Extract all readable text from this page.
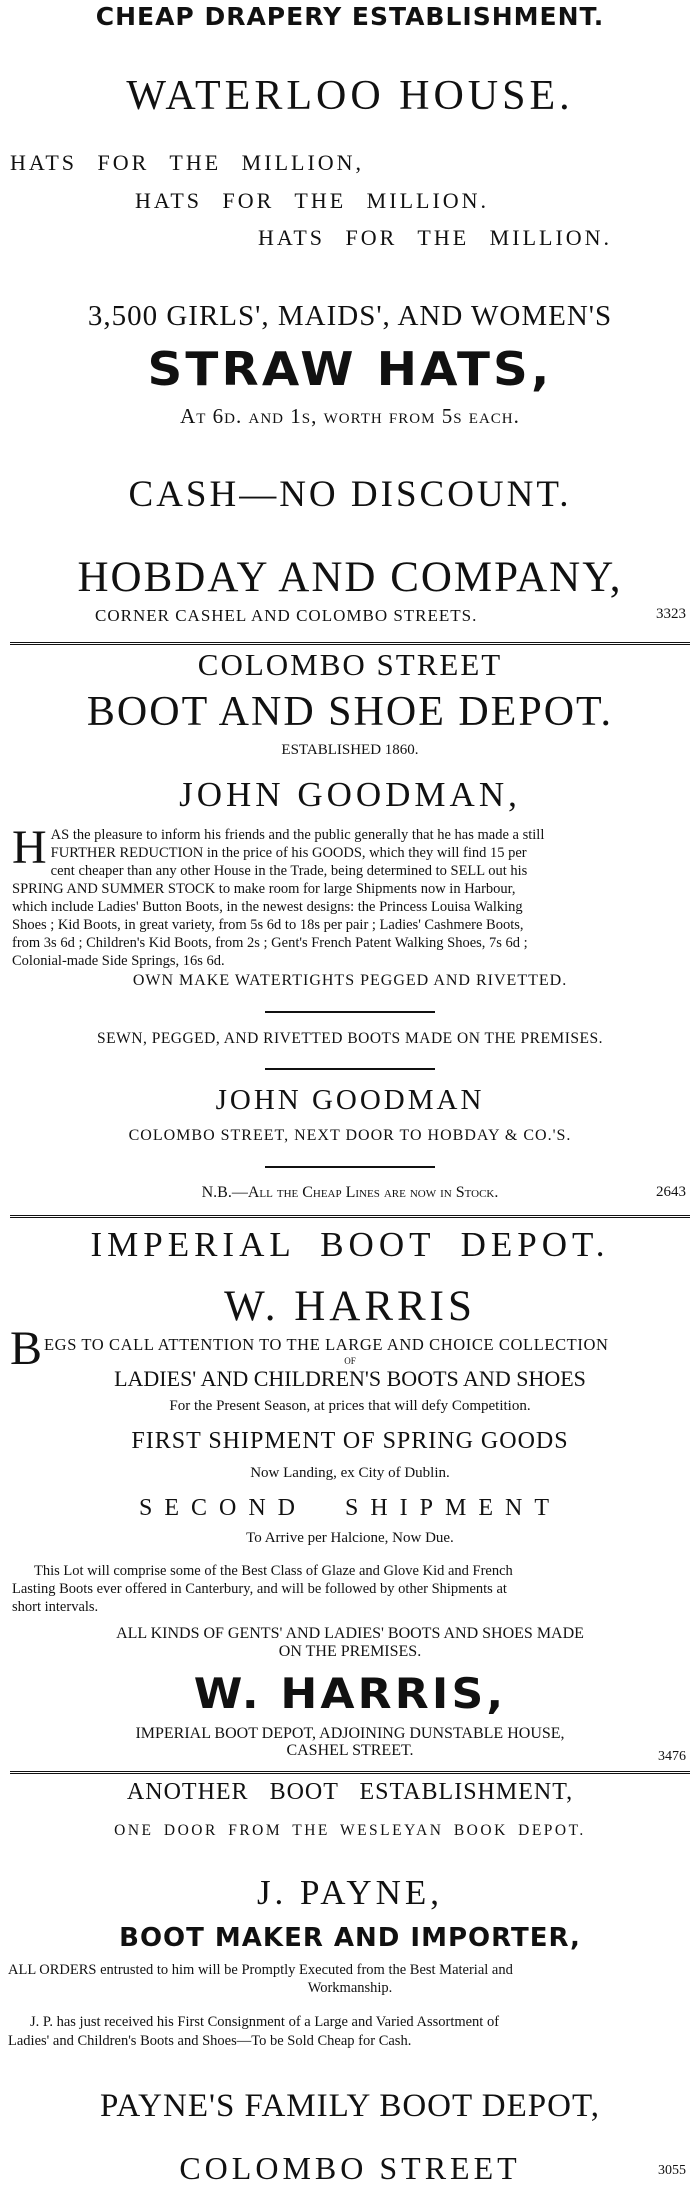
CHEAP DRAPERY ESTABLISHMENT.
WATERLOO HOUSE.
HATS FOR THE MILLION,
HATS FOR THE MILLION.
HATS FOR THE MILLION.
3,500 GIRLS', MAIDS', AND WOMEN'S
STRAW HATS,
At 6d. and 1s, worth from 5s each.
CASH—NO DISCOUNT.
HOBDAY AND COMPANY,
CORNER CASHEL AND COLOMBO STREETS.	3323
COLOMBO STREET
BOOT AND SHOE DEPOT.
ESTABLISHED 1860.
JOHN GOODMAN,
H AS the pleasure to inform his friends and the public generally that he has made a still
FURTHER REDUCTION in the price of his GOODS, which they will find 15 per
cent cheaper than any other House in the Trade, being determined to SELL out his
SPRING AND SUMMER STOCK to make room for large Shipments now in Harbour,
which include Ladies' Button Boots, in the newest designs: the Princess Louisa Walking
Shoes ; Kid Boots, in great variety, from 5s 6d to 18s per pair ; Ladies' Cashmere Boots,
from 3s 6d ; Children's Kid Boots, from 2s ; Gent's French Patent Walking Shoes, 7s 6d ;
Colonial-made Side Springs, 16s 6d.
OWN MAKE WATERTIGHTS PEGGED AND RIVETTED.
SEWN, PEGGED, AND RIVETTED BOOTS MADE ON THE PREMISES.
JOHN GOODMAN
COLOMBO STREET, NEXT DOOR TO HOBDAY & CO.'S.
N.B.—All the Cheap Lines are now in Stock.	2643
IMPERIAL BOOT DEPOT.
W. HARRIS
B EGS TO CALL ATTENTION TO THE LARGE AND CHOICE COLLECTION
OF
LADIES' AND CHILDREN'S BOOTS AND SHOES
For the Present Season, at prices that will defy Competition.
FIRST SHIPMENT OF SPRING GOODS
Now Landing, ex City of Dublin.
SECOND SHIPMENT
To Arrive per Halcione, Now Due.
This Lot will comprise some of the Best Class of Glaze and Glove Kid and French
Lasting Boots ever offered in Canterbury, and will be followed by other Shipments at
short intervals.
ALL KINDS OF GENTS' AND LADIES' BOOTS AND SHOES MADE
ON THE PREMISES.
W. HARRIS,
IMPERIAL BOOT DEPOT, ADJOINING DUNSTABLE HOUSE,
CASHEL STREET.	3476
ANOTHER BOOT ESTABLISHMENT,
ONE DOOR FROM THE WESLEYAN BOOK DEPOT.
J. PAYNE,
BOOT MAKER AND IMPORTER,
ALL ORDERS entrusted to him will be Promptly Executed from the Best Material and
Workmanship.
J. P. has just received his First Consignment of a Large and Varied Assortment of
Ladies' and Children's Boots and Shoes—To be Sold Cheap for Cash.
PAYNE'S FAMILY BOOT DEPOT,
COLOMBO STREET	3055
